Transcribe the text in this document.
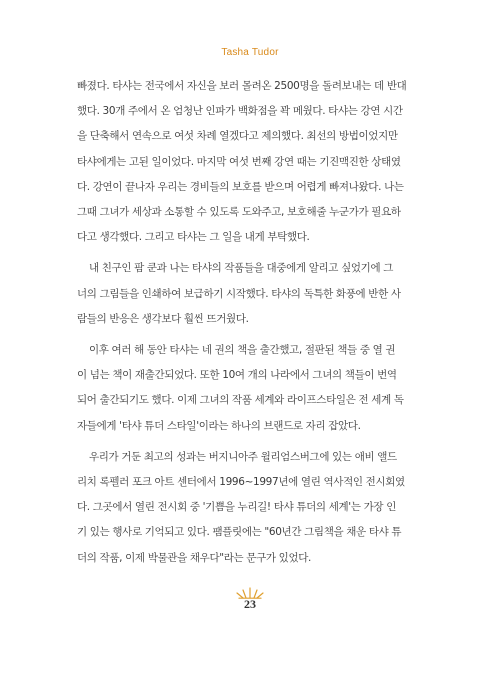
Tasha Tudor

빠졌다. 타샤는 전국에서 자신을 보러 몰려온 2500명을 돌려보내는 데 반대
했다. 30개 주에서 온 엄청난 인파가 백화점을 꽉 메웠다. 타샤는 강연 시간
을 단축해서 연속으로 여섯 차례 열겠다고 제의했다. 최선의 방법이었지만
타샤에게는 고된 일이었다. 마지막 여섯 번째 강연 때는 기진맥진한 상태였
다. 강연이 끝나자 우리는 경비들의 보호를 받으며 어렵게 빠져나왔다. 나는
그때 그녀가 세상과 소통할 수 있도록 도와주고, 보호해줄 누군가가 필요하
다고 생각했다. 그리고 타샤는 그 일을 내게 부탁했다.

내 친구인 팜 쿤과 나는 타샤의 작품들을 대중에게 알리고 싶었기에 그
너의 그림들을 인쇄하여 보급하기 시작했다. 타샤의 독특한 화풍에 반한 사
람들의 반응은 생각보다 훨씬 뜨거웠다.

이후 여러 해 동안 타샤는 네 권의 책을 출간했고, 절판된 책들 중 열 권
이 넘는 책이 재출간되었다. 또한 10여 개의 나라에서 그녀의 책들이 번역
되어 출간되기도 했다. 이제 그녀의 작품 세계와 라이프스타일은 전 세계 독
자들에게 '타샤 튜더 스타일'이라는 하나의 브랜드로 자리 잡았다.

우리가 거둔 최고의 성과는 버지니아주 윌리엄스버그에 있는 애비 앨드
리치 록펠러 포크 아트 센터에서 1996~1997년에 열린 역사적인 전시회였
다. 그곳에서 열린 전시회 중 '기쁨을 누리길! 타샤 튜더의 세계'는 가장 인
기 있는 행사로 기억되고 있다. 팸플릿에는 "60년간 그림책을 채운 타샤 튜
더의 작품, 이제 박물관을 채우다"라는 문구가 있었다.

23
